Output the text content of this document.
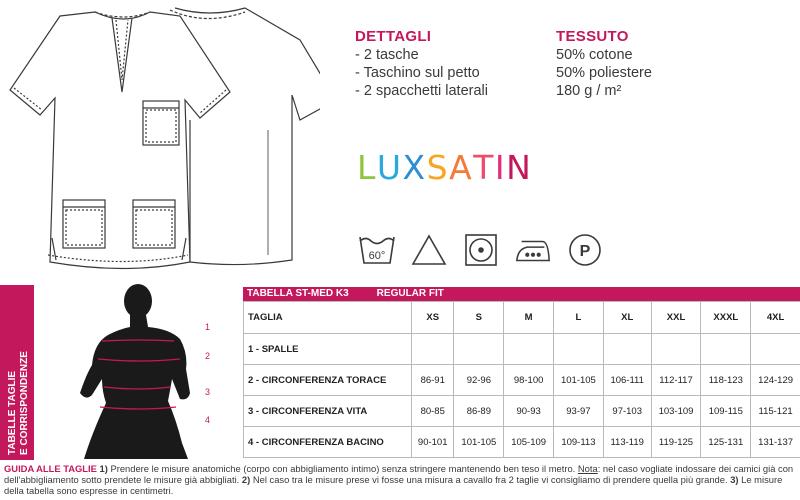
DETTAGLI
- 2 tasche
- Taschino sul petto
- 2 spacchetti laterali
TESSUTO
50% cotone
50% poliestere
180 g / m²
LUXSATIN
60°	P
TABELLE TAGLIE E CORRISPONDENZE
1
2
3
4
TABELLA ST-MED K3	REGULAR FIT
TAGLIA	XS	S	M	L	XL	XXL	XXXL	4XL
1 - SPALLE								
2 - CIRCONFERENZA TORACE	86-91	92-96	98-100	101-105	106-111	112-117	118-123	124-129
3 - CIRCONFERENZA VITA	80-85	86-89	90-93	93-97	97-103	103-109	109-115	115-121
4 - CIRCONFERENZA BACINO	90-101	101-105	105-109	109-113	113-119	119-125	125-131	131-137
GUIDA ALLE TAGLIE 1) Prendere le misure anatomiche (corpo con abbigliamento intimo) senza stringere mantenendo ben teso il metro. Nota: nel caso vogliate indossare dei camici già con dell'abbigliamento sotto prendete le misure già abbigliati. 2) Nel caso tra le misure prese vi fosse una misura a cavallo fra 2 taglie vi consigliamo di prendere quella più grande. 3) Le misure della tabella sono espresse in centimetri.
